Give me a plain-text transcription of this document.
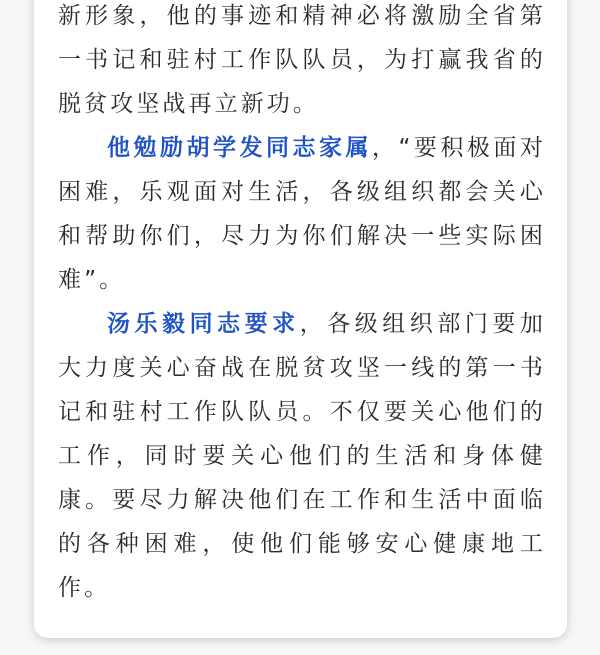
新形象，他的事迹和精神必将激励全省第一书记和驻村工作队队员，为打赢我省的脱贫攻坚战再立新功。

他勉励胡学发同志家属，“要积极面对困难，乐观面对生活，各级组织都会关心和帮助你们，尽力为你们解决一些实际困难”。

汤乐毅同志要求，各级组织部门要加大力度关心奋战在脱贫攻坚一线的第一书记和驻村工作队队员。不仅要关心他们的工作，同时要关心他们的生活和身体健康。要尽力解决他们在工作和生活中面临的各种困难，使他们能够安心健康地工作。
